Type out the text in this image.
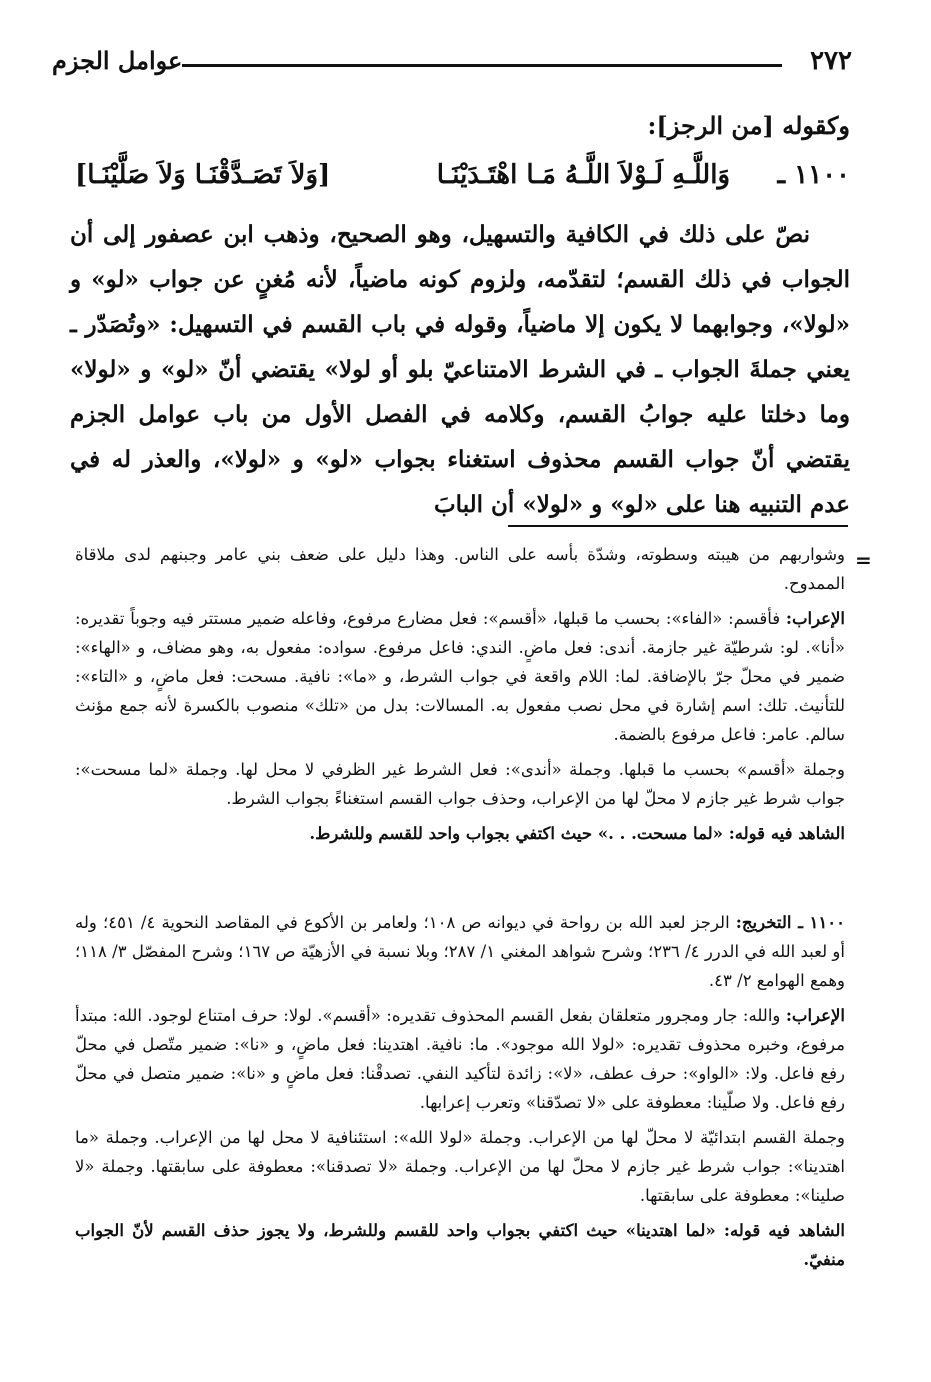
٢٧٢
عوامل الجزم
وكقوله [من الرجز]:
١١٠٠ ـ
وَاللَّـهِ لَـوْلاَ اللَّـهُ مَـا اهْتَـدَيْنَـا
[وَلاَ تَصَـدَّقْنَـا وَلاَ صَلَّيْنَـا]

نصّ على ذلك في الكافية والتسهيل، وهو الصحيح، وذهب ابن عصفور إلى أن الجواب في ذلك القسم؛ لتقدّمه، ولزوم كونه ماضياً، لأنه مُغنٍ عن جواب «لو» و «لولا»، وجوابهما لا يكون إلا ماضياً، وقوله في باب القسم في التسهيل: «وتُصَدّر ـ يعني جملةَ الجواب ـ في الشرط الامتناعيّ بلو أو لولا» يقتضي أنّ «لو» و «لولا» وما دخلتا عليه جوابُ القسم، وكلامه في الفصل الأول من باب عوامل الجزم يقتضي أنّ جواب القسم محذوف استغناء بجواب «لو» و «لولا»، والعذر له في عدم التنبيه هنا على «لو» و «لولا» أن البابَ

=

وشواربهم من هيبته وسطوته، وشدّة بأسه على الناس. وهذا دليل على ضعف بني عامر وجبنهم لدى ملاقاة الممدوح.

الإعراب: فأقسم: «الفاء»: بحسب ما قبلها، «أقسم»: فعل مضارع مرفوع، وفاعله ضمير مستتر فيه وجوباً تقديره: «أنا». لو: شرطيّة غير جازمة. أندى: فعل ماضٍ. الندي: فاعل مرفوع. سواده: مفعول به، وهو مضاف، و «الهاء»: ضمير في محلّ جرّ بالإضافة. لما: اللام واقعة في جواب الشرط، و «ما»: نافية. مسحت: فعل ماضٍ، و «التاء»: للتأنيث. تلك: اسم إشارة في محل نصب مفعول به. المسالات: بدل من «تلك» منصوب بالكسرة لأنه جمع مؤنث سالم. عامر: فاعل مرفوع بالضمة.

وجملة «أقسم» بحسب ما قبلها. وجملة «أندى»: فعل الشرط غير الظرفي لا محل لها. وجملة «لما مسحت»: جواب شرط غير جازم لا محلّ لها من الإعراب، وحذف جواب القسم استغناءً بجواب الشرط.

الشاهد فيه قوله: «لما مسحت. . .» حيث اكتفي بجواب واحد للقسم وللشرط.

١١٠٠ ـ التخريج: الرجز لعبد الله بن رواحة في ديوانه ص ١٠٨؛ ولعامر بن الأكوع في المقاصد النحوية ٤/ ٤٥١؛ وله أو لعبد الله في الدرر ٤/ ٢٣٦؛ وشرح شواهد المغني ١/ ٢٨٧؛ وبلا نسبة في الأزهيّة ص ١٦٧؛ وشرح المفصّل ٣/ ١١٨؛ وهمع الهوامع ٢/ ٤٣.

الإعراب: والله: جار ومجرور متعلقان بفعل القسم المحذوف تقديره: «أقسم». لولا: حرف امتناع لوجود. الله: مبتدأ مرفوع، وخبره محذوف تقديره: «لولا الله موجود». ما: نافية. اهتدينا: فعل ماضٍ، و «نا»: ضمير متّصل في محلّ رفع فاعل. ولا: «الواو»: حرف عطف، «لا»: زائدة لتأكيد النفي. تصدقْنا: فعل ماضٍ و «نا»: ضمير متصل في محلّ رفع فاعل. ولا صلّينا: معطوفة على «لا تصدّقنا» وتعرب إعرابها.

وجملة القسم ابتدائيّة لا محلّ لها من الإعراب. وجملة «لولا الله»: استئنافية لا محل لها من الإعراب. وجملة «ما اهتدينا»: جواب شرط غير جازم لا محلّ لها من الإعراب. وجملة «لا تصدقنا»: معطوفة على سابقتها. وجملة «لا صلينا»: معطوفة على سابقتها.

الشاهد فيه قوله: «لما اهتدينا» حيث اكتفي بجواب واحد للقسم وللشرط، ولا يجوز حذف القسم لأنّ الجواب منفيّ.
